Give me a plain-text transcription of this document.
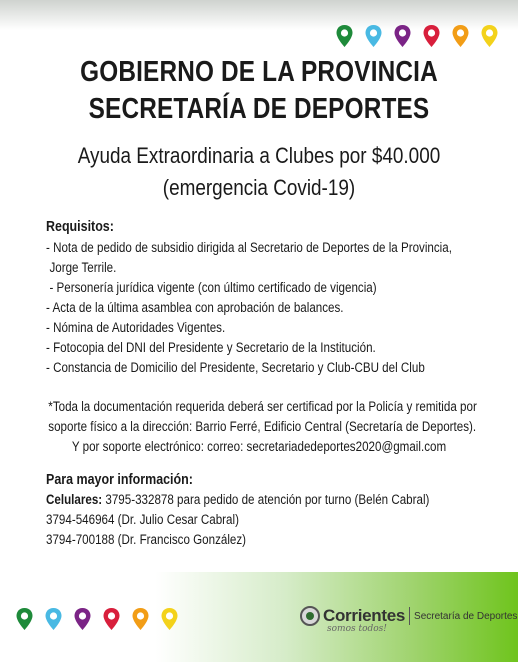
GOBIERNO DE LA PROVINCIA
SECRETARÍA DE DEPORTES
Ayuda Extraordinaria a Clubes por $40.000
(emergencia Covid-19)
Requisitos:
- Nota de pedido de subsidio dirigida al Secretario de Deportes de la Provincia,
Jorge Terrile.
- Personería jurídica vigente (con último certificado de vigencia)
- Acta de la última asamblea con aprobación de balances.
- Nómina de Autoridades Vigentes.
- Fotocopia del DNI del Presidente y Secretario de la Institución.
- Constancia de Domicilio del Presidente, Secretario y Club-CBU del Club
*Toda la documentación requerida deberá ser certificad por la Policía y remitida por
soporte físico a la dirección: Barrio Ferré, Edificio Central (Secretaría de Deportes).
Y por soporte electrónico: correo: secretariadedeportes2020@gmail.com
Para mayor información:
Celulares: 3795-332878 para pedido de atención por turno (Belén Cabral)
3794-546964 (Dr. Julio Cesar Cabral)
3794-700188 (Dr. Francisco González)
Corrientes Secretaría de Deportes
somos todos!
